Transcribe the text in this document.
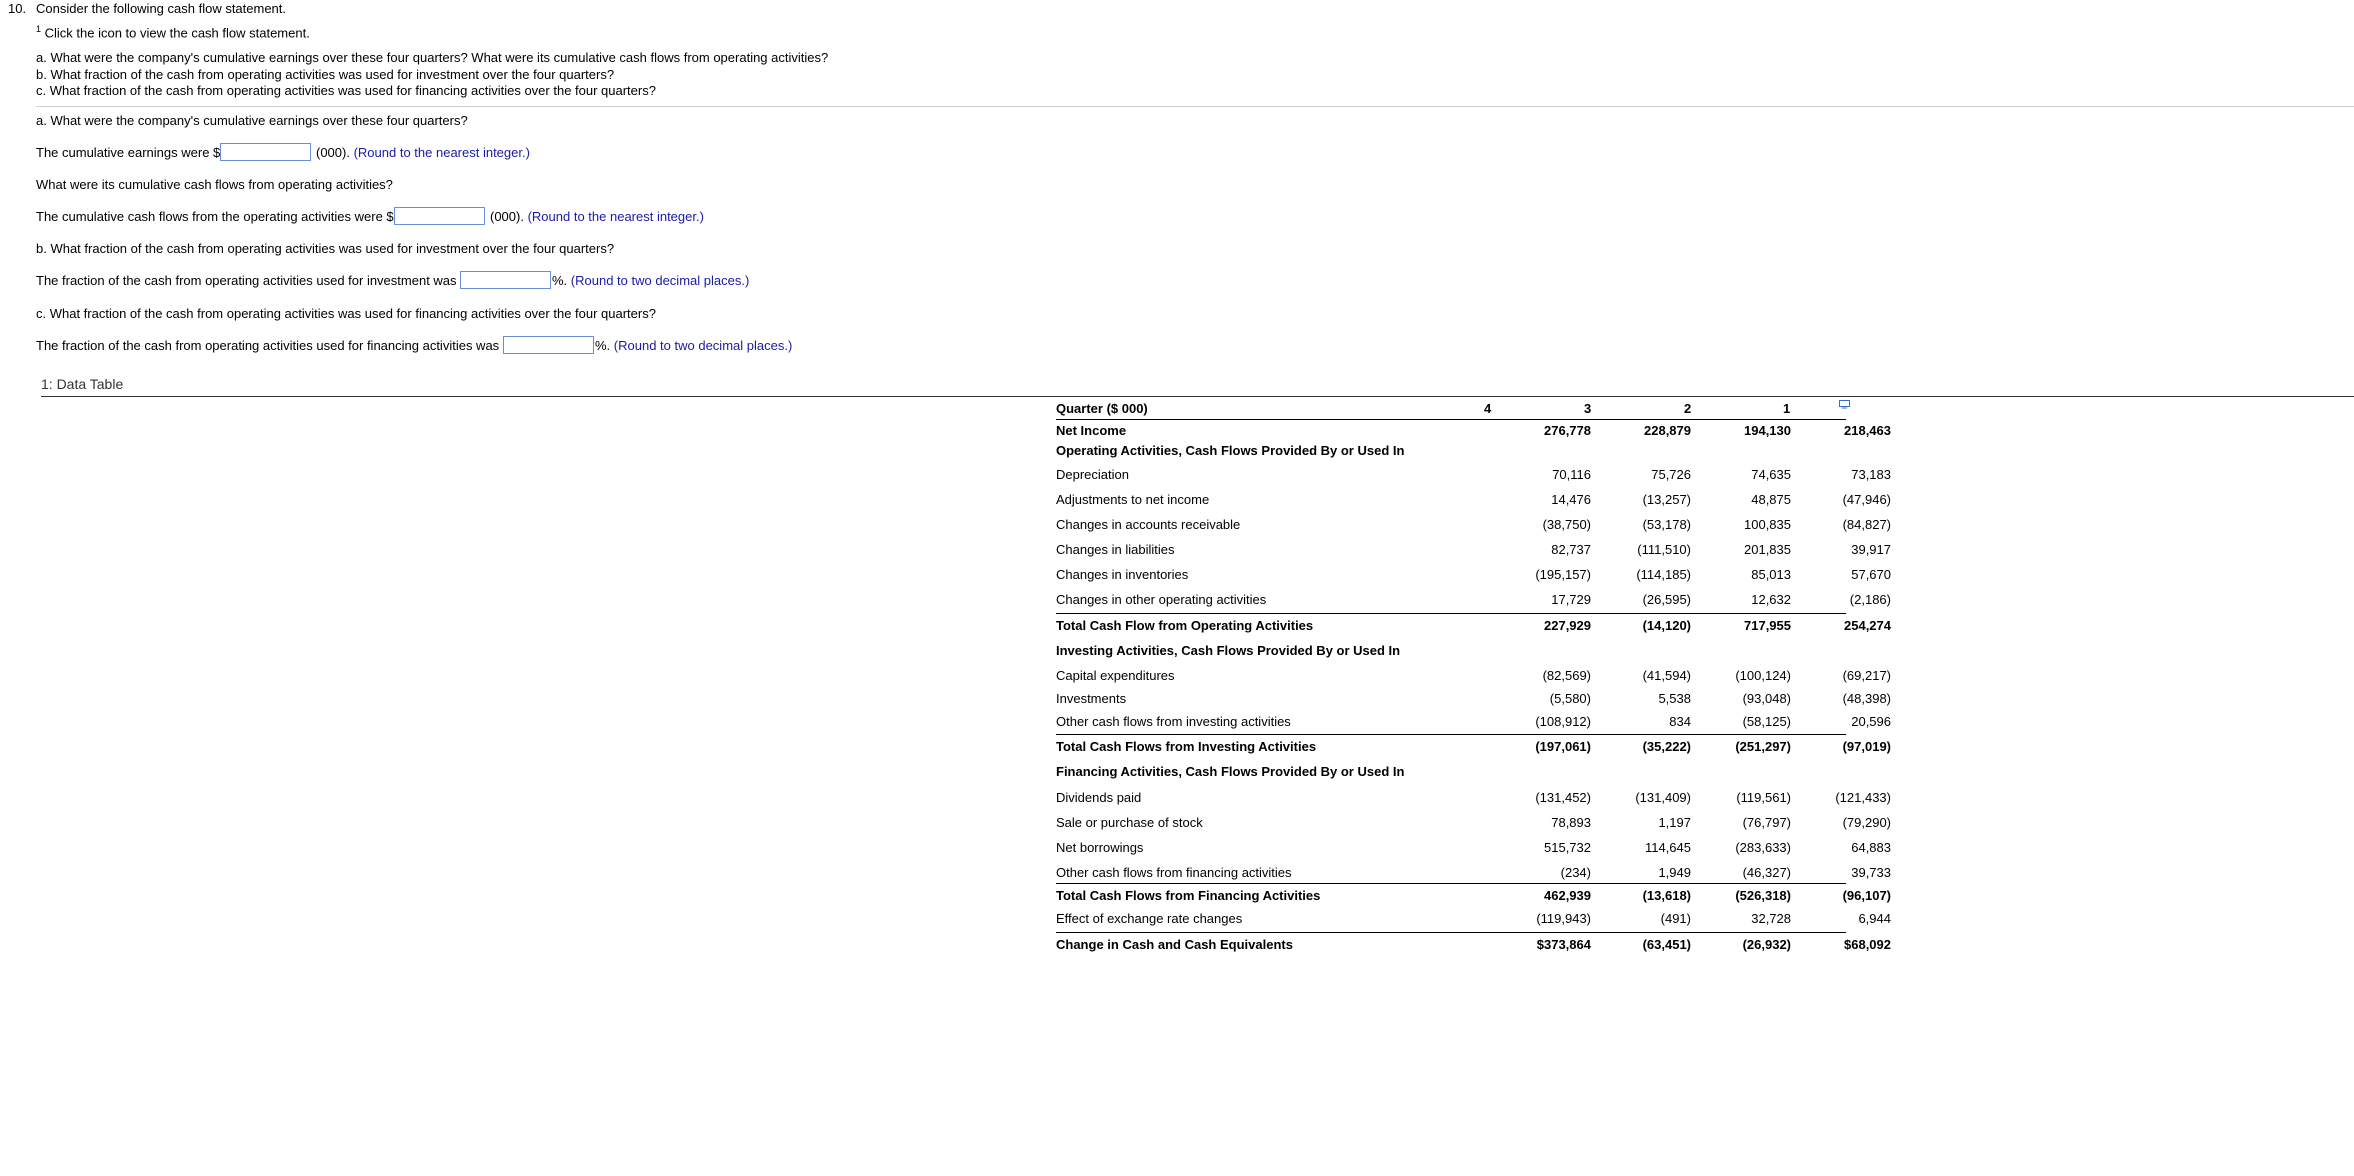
10. Consider the following cash flow statement.
$^1$ Click the icon to view the cash flow statement.
a. What were the company's cumulative earnings over these four quarters? What were its cumulative cash flows from operating activities?
b. What fraction of the cash from operating activities was used for investment over the four quarters?
c. What fraction of the cash from operating activities was used for financing activities over the four quarters?
a. What were the company's cumulative earnings over these four quarters?
The cumulative earnings were $	(000). (Round to the nearest integer.)
What were its cumulative cash flows from operating activities?
The cumulative cash flows from the operating activities were $	(000). (Round to the nearest integer.)
b. What fraction of the cash from operating activities was used for investment over the four quarters?
The fraction of the cash from operating activities used for investment was	%. (Round to two decimal places.)
c. What fraction of the cash from operating activities was used for financing activities over the four quarters?
The fraction of the cash from operating activities used for financing activities was	%. (Round to two decimal places.)
1: Data Table
Quarter ($ 000)	4	3	2	1
Net Income	276,778	228,879	194,130	218,463
Operating Activities, Cash Flows Provided By or Used In
Depreciation	70,116	75,726	74,635	73,183
Adjustments to net income	14,476	(13,257)	48,875	(47,946)
Changes in accounts receivable	(38,750)	(53,178)	100,835	(84,827)
Changes in liabilities	82,737	(111,510)	201,835	39,917
Changes in inventories	(195,157)	(114,185)	85,013	57,670
Changes in other operating activities	17,729	(26,595)	12,632	(2,186)
Total Cash Flow from Operating Activities	227,929	(14,120)	717,955	254,274
Investing Activities, Cash Flows Provided By or Used In
Capital expenditures	(82,569)	(41,594)	(100,124)	(69,217)
Investments	(5,580)	5,538	(93,048)	(48,398)
Other cash flows from investing activities	(108,912)	834	(58,125)	20,596
Total Cash Flows from Investing Activities	(197,061)	(35,222)	(251,297)	(97,019)
Financing Activities, Cash Flows Provided By or Used In
Dividends paid	(131,452)	(131,409)	(119,561)	(121,433)
Sale or purchase of stock	78,893	1,197	(76,797)	(79,290)
Net borrowings	515,732	114,645	(283,633)	64,883
Other cash flows from financing activities	(234)	1,949	(46,327)	39,733
Total Cash Flows from Financing Activities	462,939	(13,618)	(526,318)	(96,107)
Effect of exchange rate changes	(119,943)	(491)	32,728	6,944
Change in Cash and Cash Equivalents	$373,864	(63,451)	(26,932)	$68,092
